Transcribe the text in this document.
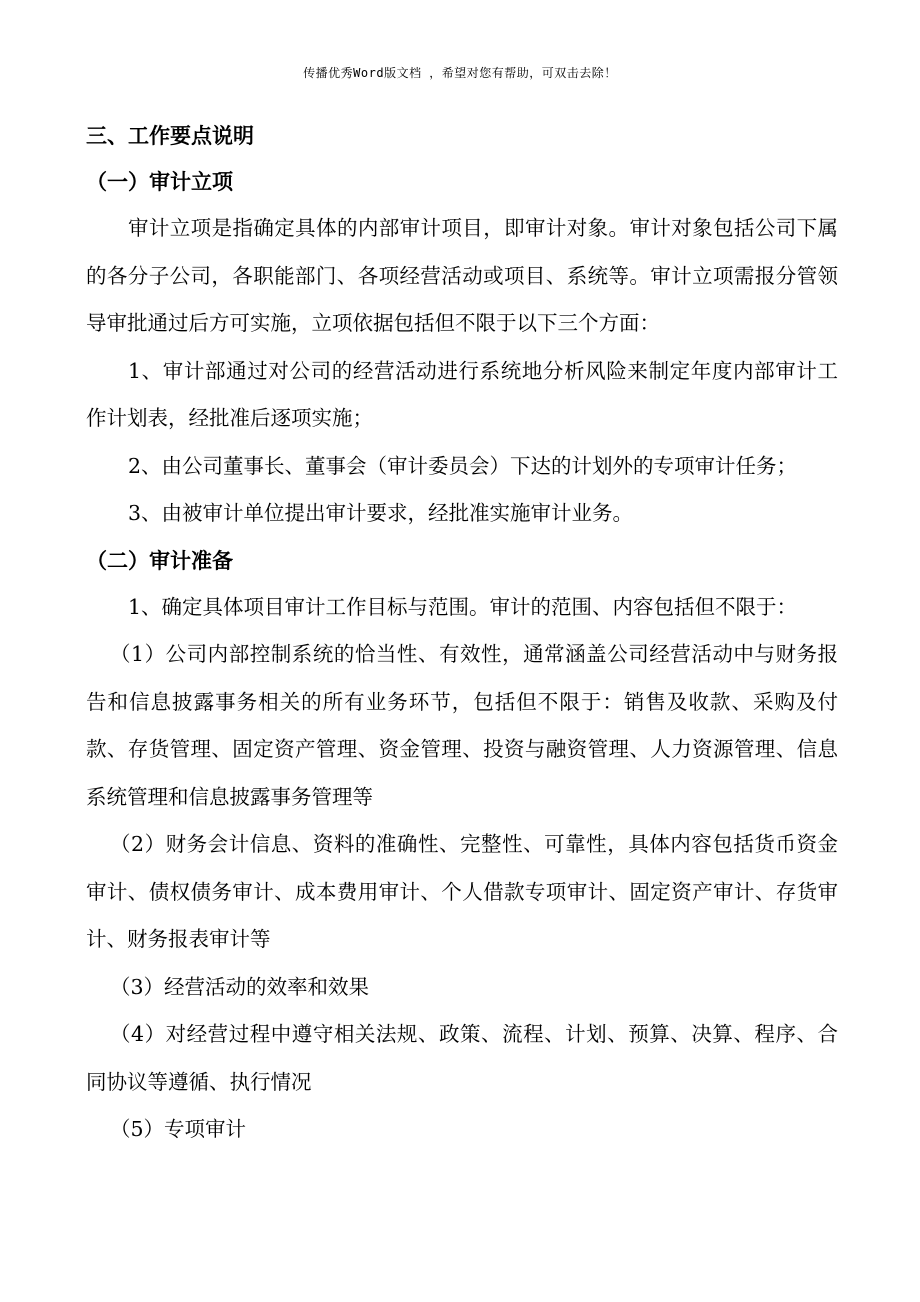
传播优秀Word版文档 ，希望对您有帮助，可双击去除！
三、工作要点说明
（一）审计立项

审计立项是指确定具体的内部审计项目，即审计对象。审计对象包括公司下属的各分子公司，各职能部门、各项经营活动或项目、系统等。审计立项需报分管领导审批通过后方可实施，立项依据包括但不限于以下三个方面：

1、审计部通过对公司的经营活动进行系统地分析风险来制定年度内部审计工作计划表，经批准后逐项实施；

2、由公司董事长、董事会（审计委员会）下达的计划外的专项审计任务；

3、由被审计单位提出审计要求，经批准实施审计业务。

（二）审计准备

1、确定具体项目审计工作目标与范围。审计的范围、内容包括但不限于：

（1）公司内部控制系统的恰当性、有效性，通常涵盖公司经营活动中与财务报告和信息披露事务相关的所有业务环节，包括但不限于：销售及收款、采购及付款、存货管理、固定资产管理、资金管理、投资与融资管理、人力资源管理、信息系统管理和信息披露事务管理等

（2）财务会计信息、资料的准确性、完整性、可靠性，具体内容包括货币资金审计、债权债务审计、成本费用审计、个人借款专项审计、固定资产审计、存货审计、财务报表审计等

（3）经营活动的效率和效果

（4）对经营过程中遵守相关法规、政策、流程、计划、预算、决算、程序、合同协议等遵循、执行情况

（5）专项审计
